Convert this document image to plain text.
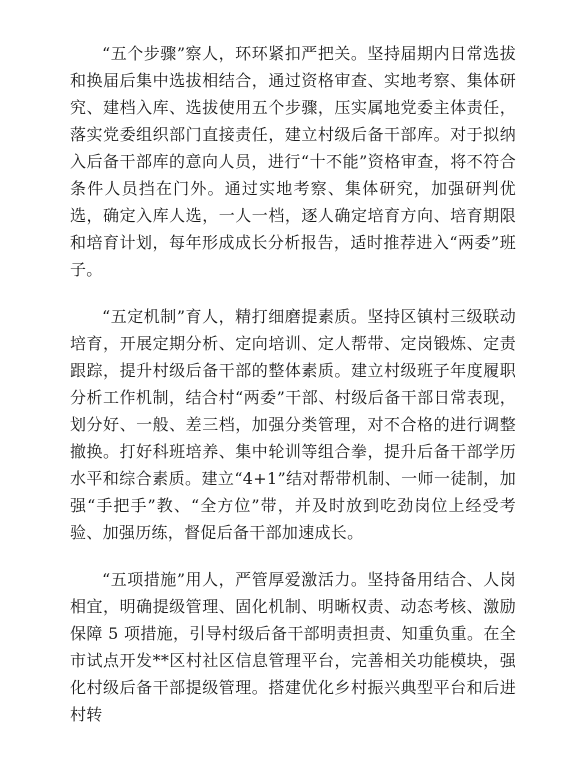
“五个步骤”察人，环环紧扣严把关。坚持届期内日常选拔和换届后集中选拔相结合，通过资格审查、实地考察、集体研究、建档入库、选拔使用五个步骤，压实属地党委主体责任，落实党委组织部门直接责任，建立村级后备干部库。对于拟纳入后备干部库的意向人员，进行“十不能”资格审查，将不符合条件人员挡在门外。通过实地考察、集体研究，加强研判优选，确定入库人选，一人一档，逐人确定培育方向、培育期限和培育计划，每年形成成长分析报告，适时推荐进入“两委”班子。

“五定机制”育人，精打细磨提素质。坚持区镇村三级联动培育，开展定期分析、定向培训、定人帮带、定岗锻炼、定责跟踪，提升村级后备干部的整体素质。建立村级班子年度履职分析工作机制，结合村“两委”干部、村级后备干部日常表现，划分好、一般、差三档，加强分类管理，对不合格的进行调整撤换。打好科班培养、集中轮训等组合拳，提升后备干部学历水平和综合素质。建立“4+1”结对帮带机制、一师一徒制，加强“手把手”教、“全方位”带，并及时放到吃劲岗位上经受考验、加强历练，督促后备干部加速成长。

“五项措施”用人，严管厚爱激活力。坚持备用结合、人岗相宜，明确提级管理、固化机制、明晰权责、动态考核、激励保障 5 项措施，引导村级后备干部明责担责、知重负重。在全市试点开发**区村社区信息管理平台，完善相关功能模块，强化村级后备干部提级管理。搭建优化乡村振兴典型平台和后进村转
